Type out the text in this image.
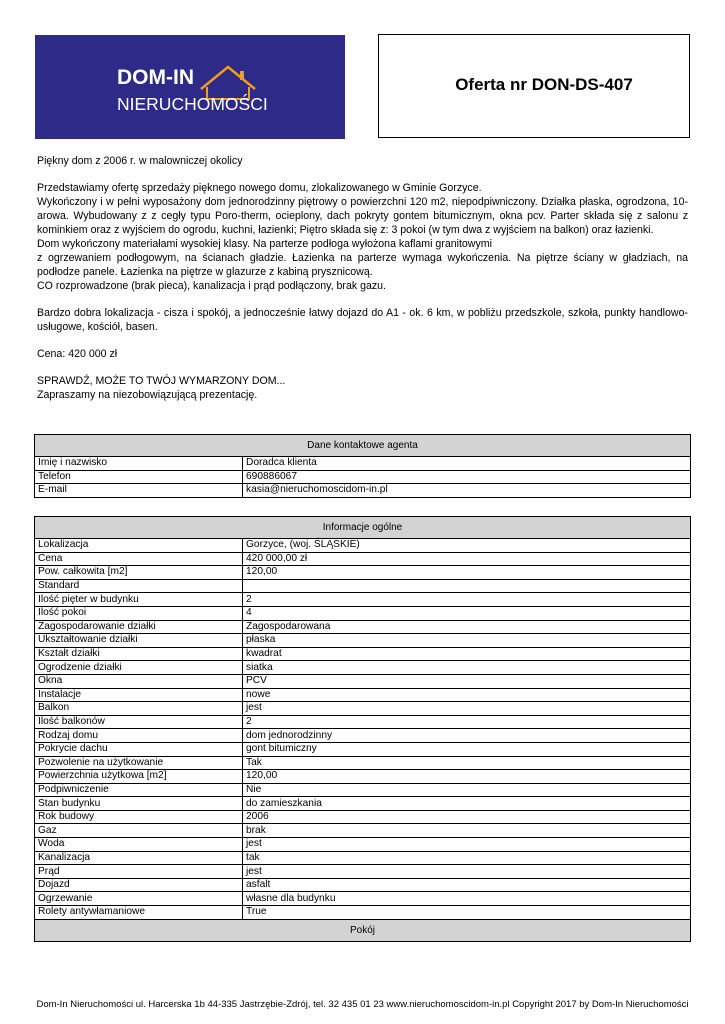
DOM-IN
NIERUCHOMOŚCI
Oferta nr DON-DS-407

Piękny dom z 2006 r. w malowniczej okolicy

Przedstawiamy ofertę sprzedaży pięknego nowego domu, zlokalizowanego w Gminie Gorzyce.

Wykończony i w pełni wyposażony dom jednorodzinny piętrowy o powierzchni 120 m2, niepodpiwniczony. Działka płaska, ogrodzona, 10-arowa. Wybudowany z z cegły typu Poro-therm, ocieplony, dach pokryty gontem bitumicznym, okna pcv. Parter składa się z salonu z kominkiem oraz z wyjściem do ogrodu, kuchni, łazienki; Piętro składa się z: 3 pokoi (w tym dwa z wyjściem na balkon) oraz łazienki.

Dom wykończony materiałami wysokiej klasy. Na parterze podłoga wyłożona kaflami granitowymi

z ogrzewaniem podłogowym, na ścianach gładzie. Łazienka na parterze wymaga wykończenia. Na piętrze ściany w gładziach, na podłodze panele. Łazienka na piętrze w glazurze z kabiną prysznicową.

CO rozprowadzone (brak pieca), kanalizacja i prąd podłączony, brak gazu.

Bardzo dobra lokalizacja - cisza i spokój, a jednocześnie łatwy dojazd do A1 - ok. 6 km, w pobliżu przedszkole, szkoła, punkty handlowo-usługowe, kościół, basen.

Cena: 420 000 zł

SPRAWDŹ, MOŻE TO TWÓJ WYMARZONY DOM...

Zapraszamy na niezobowiązującą prezentację.

Dane kontaktowe agenta	
Imię i nazwisko	Doradca klienta
Telefon	690886067
E-mail	kasia@nieruchomoscidom-in.pl
Informacje ogólne	
Lokalizacja	Gorzyce, (woj. ŚLĄSKIE)
Cena	420 000,00 zł
Pow. całkowita [m2]	120,00
Standard	
Ilość pięter w budynku	2
Ilość pokoi	4
Zagospodarowanie działki	Zagospodarowana
Ukształtowanie działki	płaska
Kształt działki	kwadrat
Ogrodzenie działki	siatka
Okna	PCV
Instalacje	nowe
Balkon	jest
Ilość balkonów	2
Rodzaj domu	dom jednorodzinny
Pokrycie dachu	gont bitumiczny
Pozwolenie na użytkowanie	Tak
Powierzchnia użytkowa [m2]	120,00
Podpiwniczenie	Nie
Stan budynku	do zamieszkania
Rok budowy	2006
Gaz	brak
Woda	jest
Kanalizacja	tak
Prąd	jest
Dojazd	asfalt
Ogrzewanie	własne dla budynku
Rolety antywłamaniowe	True
Pokój	
Dom-In Nieruchomości ul. Harcerska 1b 44-335 Jastrzębie-Zdrój, tel. 32 435 01 23 www.nieruchomoscidom-in.pl Copyright 2017 by Dom-In Nieruchomości
